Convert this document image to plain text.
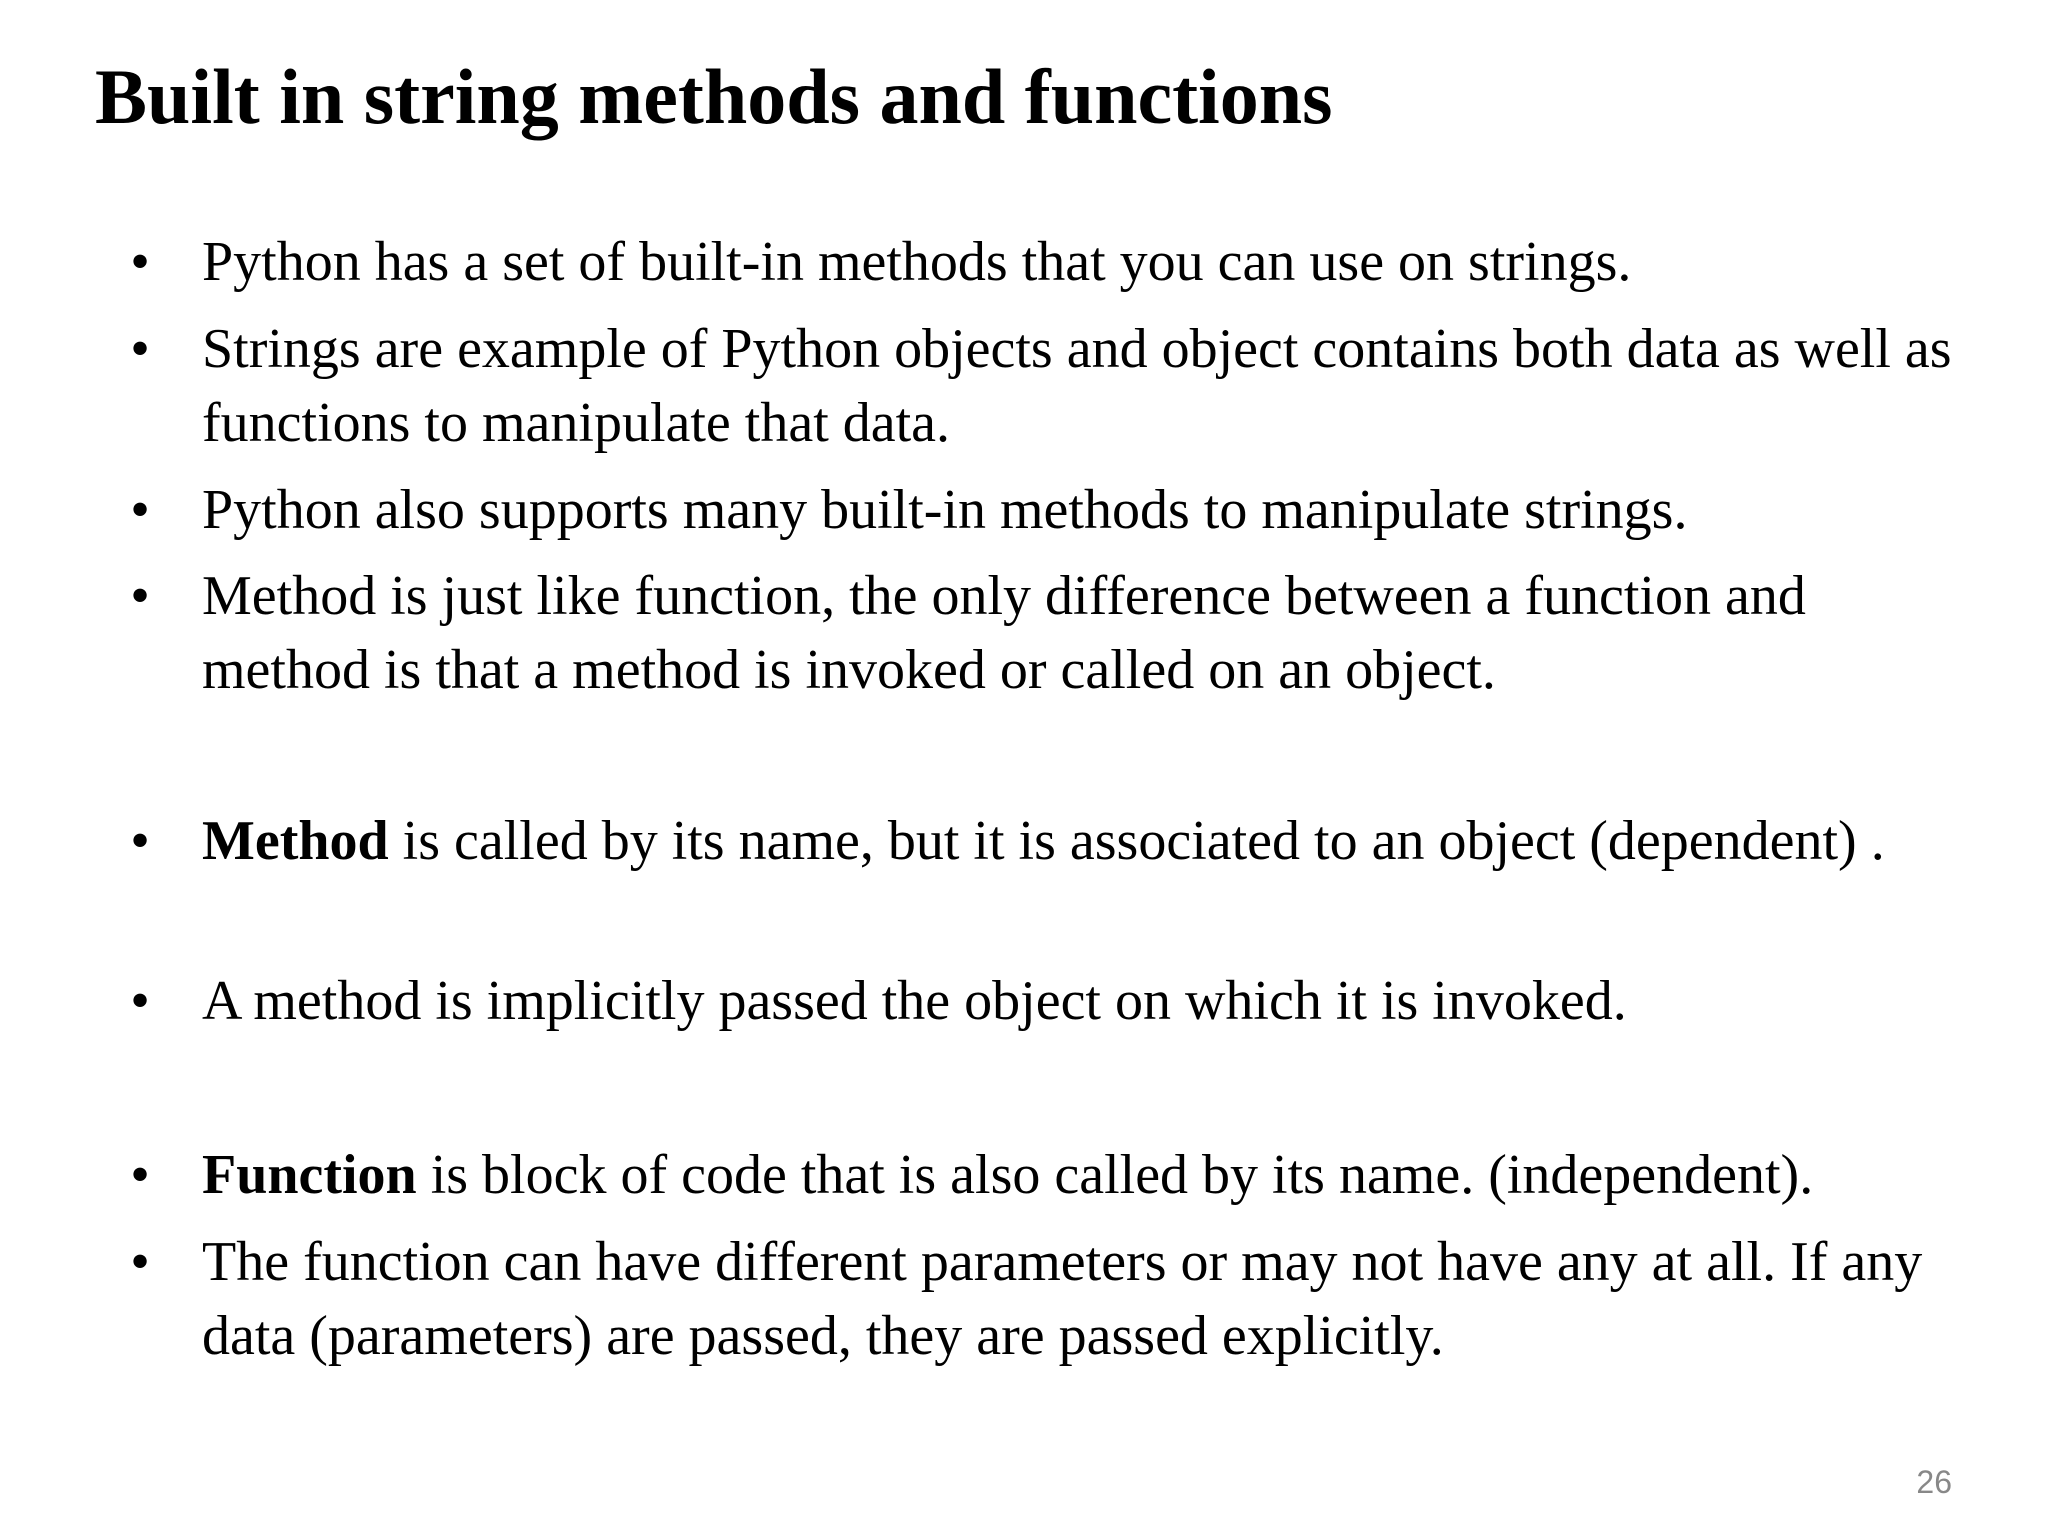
Built in string methods and functions
• Python has a set of built-in methods that you can use on strings.
• Strings are example of Python objects and object contains both data as well as functions to manipulate that data.
• Python also supports many built-in methods to manipulate strings.
• Method is just like function, the only difference between a function and method is that a method is invoked or called on an object.
• Method is called by its name, but it is associated to an object (dependent) .
• A method is implicitly passed the object on which it is invoked.
• Function is block of code that is also called by its name. (independent).
• The function can have different parameters or may not have any at all. If any data (parameters) are passed, they are passed explicitly.
26
